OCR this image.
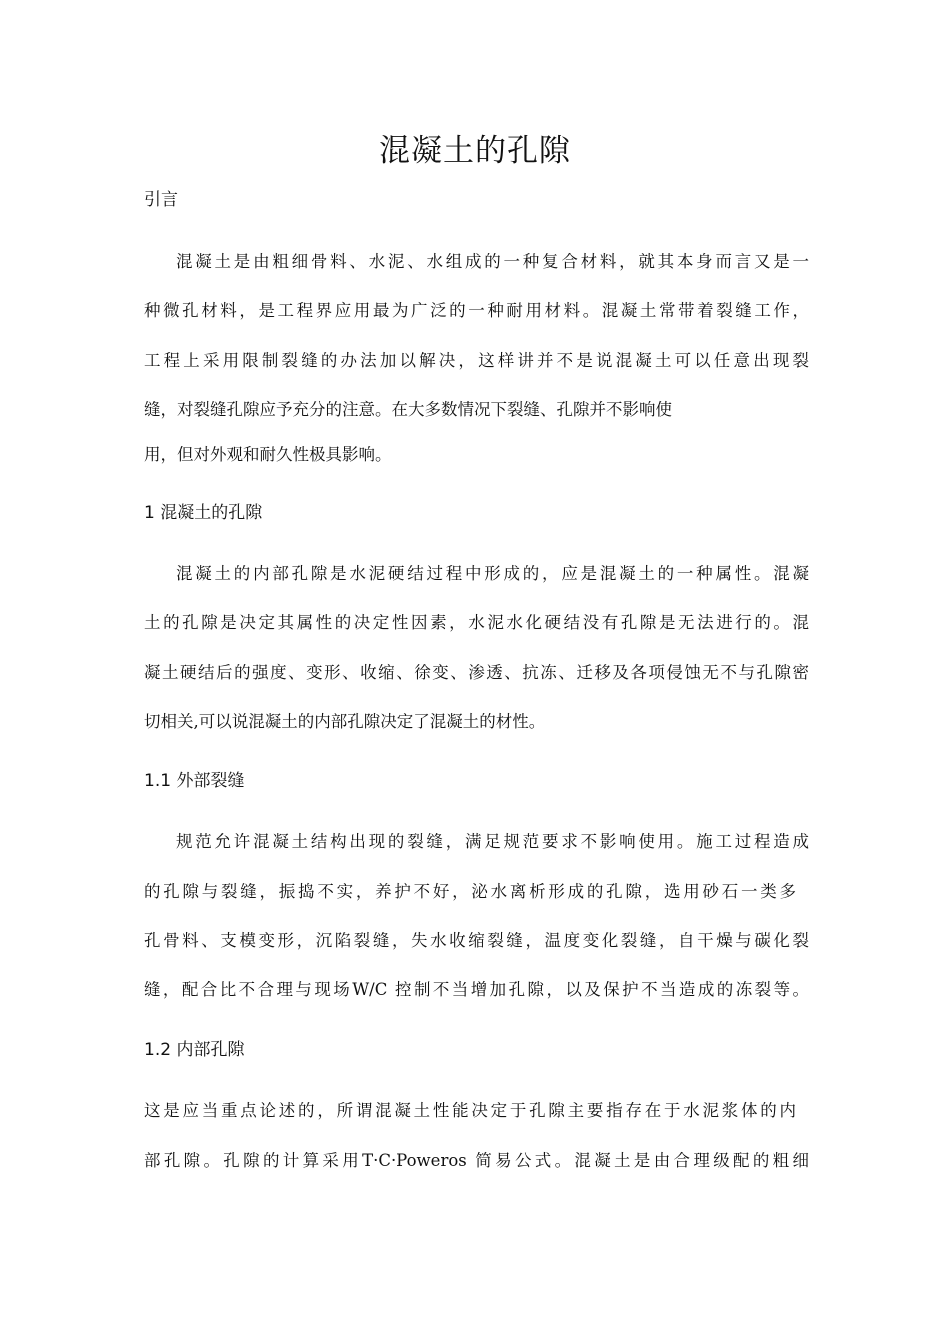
混凝土的孔隙
引言

混凝土是由粗细骨料、水泥、水组成的一种复合材料，就其本身而言又是一

种微孔材料，是工程界应用最为广泛的一种耐用材料。混凝土常带着裂缝工作，

工程上采用限制裂缝的办法加以解决，这样讲并不是说混凝土可以任意出现裂

缝，对裂缝孔隙应予充分的注意。在大多数情况下裂缝、孔隙并不影响使

用，但对外观和耐久性极具影响。

1 混凝土的孔隙

混凝土的内部孔隙是水泥硬结过程中形成的，应是混凝土的一种属性。混凝

土的孔隙是决定其属性的决定性因素，水泥水化硬结没有孔隙是无法进行的。混

凝土硬结后的强度、变形、收缩、徐变、渗透、抗冻、迁移及各项侵蚀无不与孔隙密

切相关,可以说混凝土的内部孔隙决定了混凝土的材性。

1.1 外部裂缝

规范允许混凝土结构出现的裂缝，满足规范要求不影响使用。施工过程造成

的孔隙与裂缝，振捣不实，养护不好，泌水离析形成的孔隙，选用砂石一类多

孔骨料、支模变形，沉陷裂缝，失水收缩裂缝，温度变化裂缝，自干燥与碳化裂

缝，配合比不合理与现场W/C 控制不当增加孔隙，以及保护不当造成的冻裂等。

1.2 内部孔隙

这是应当重点论述的，所谓混凝土性能决定于孔隙主要指存在于水泥浆体的内

部孔隙。孔隙的计算采用T·C·Poweros 简易公式。混凝土是由合理级配的粗细
